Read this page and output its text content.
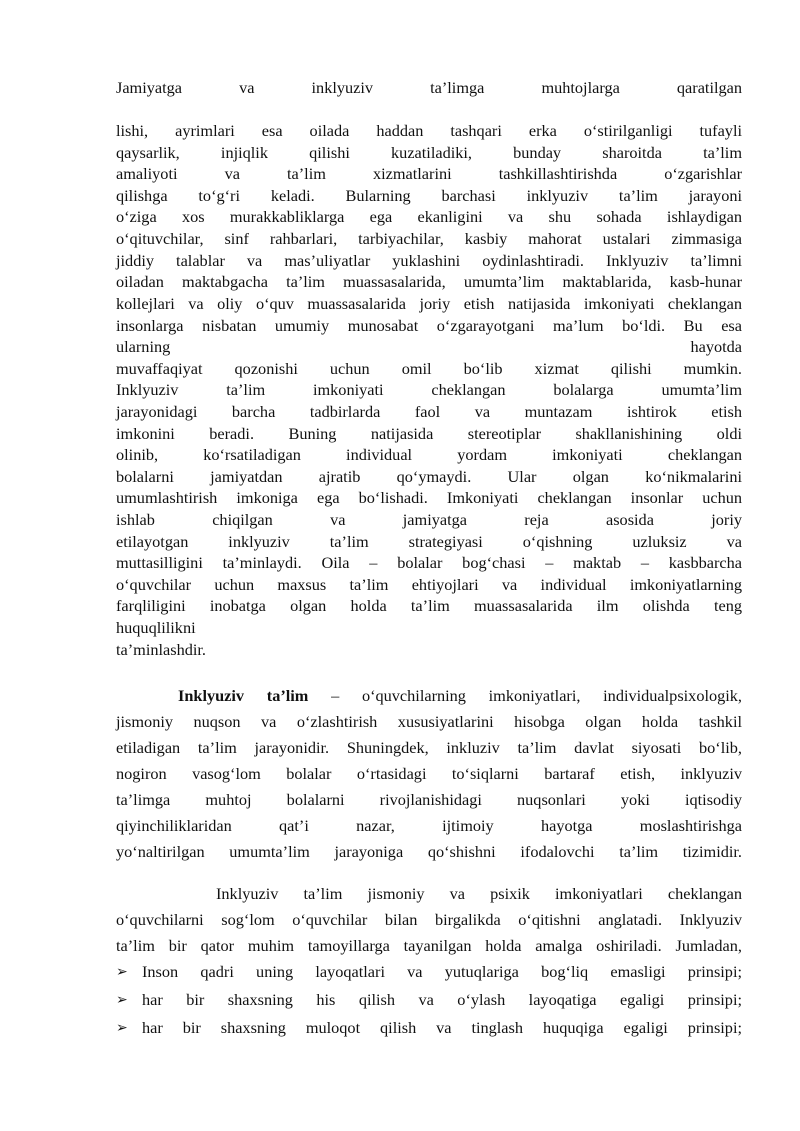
Jamiyatga va inklyuziv ta’limga muhtojlarga qaratilgan
lishi, ayrimlari esa oilada haddan tashqari erka o‘stirilganligi tufayli
qaysarlik, injiqlik qilishi kuzatiladiki, bunday sharoitda ta’lim
amaliyoti va ta’lim xizmatlarini tashkillashtirishda o‘zgarishlar
qilishga to‘g‘ri keladi. Bularning barchasi inklyuziv ta’lim jarayoni
o‘ziga xos murakkabliklarga ega ekanligini va shu sohada ishlaydigan
o‘qituvchilar, sinf rahbarlari, tarbiyachilar, kasbiy mahorat ustalari zimmasiga
jiddiy talablar va mas’uliyatlar yuklashini oydinlashtiradi. Inklyuziv ta’limni
oiladan maktabgacha ta’lim muassasalarida, umumta’lim maktablarida, kasb-hunar
kollejlari va oliy o‘quv muassasalarida joriy etish natijasida imkoniyati cheklangan
insonlarga nisbatan umumiy munosabat o‘zgarayotgani ma’lum bo‘ldi. Bu esa
ularning hayotda
muvaffaqiyat qozonishi uchun omil bo‘lib xizmat qilishi mumkin.
Inklyuziv ta’lim imkoniyati cheklangan bolalarga umumta’lim
jarayonidagi barcha tadbirlarda faol va muntazam ishtirok etish
imkonini beradi. Buning natijasida stereotiplar shakllanishining oldi
olinib, ko‘rsatiladigan individual yordam imkoniyati cheklangan
bolalarni jamiyatdan ajratib qo‘ymaydi. Ular olgan ko‘nikmalarini
umumlashtirish imkoniga ega bo‘lishadi. Imkoniyati cheklangan insonlar uchun
ishlab chiqilgan va jamiyatga reja asosida joriy
etilayotgan inklyuziv ta’lim strategiyasi o‘qishning uzluksiz va
muttasilligini ta’minlaydi. Oila – bolalar bog‘chasi – maktab – kasbbarcha
o‘quvchilar uchun maxsus ta’lim ehtiyojlari va individual imkoniyatlarning
farqliligini inobatga olgan holda ta’lim muassasalarida ilm olishda teng
huquqlilikni
ta’minlashdir.
Inklyuziv ta’lim – o‘quvchilarning imkoniyatlari, individualpsixologik,
jismoniy nuqson va o‘zlashtirish xususiyatlarini hisobga olgan holda tashkil
etiladigan ta’lim jarayonidir. Shuningdek, inkluziv ta’lim davlat siyosati bo‘lib,
nogiron vasog‘lom bolalar o‘rtasidagi to‘siqlarni bartaraf etish, inklyuziv
ta’limga muhtoj bolalarni rivojlanishidagi nuqsonlari yoki iqtisodiy
qiyinchiliklaridan qat’i nazar, ijtimoiy hayotga moslashtirishga
yo‘naltirilgan umumta’lim jarayoniga qo‘shishni ifodalovchi ta’lim tizimidir.
Inklyuziv ta’lim jismoniy va psixik imkoniyatlari cheklangan
o‘quvchilarni sog‘lom o‘quvchilar bilan birgalikda o‘qitishni anglatadi. Inklyuziv
ta’lim bir qator muhim tamoyillarga tayanilgan holda amalga oshiriladi. Jumladan,
➢ Inson qadri uning layoqatlari va yutuqlariga bog‘liq emasligi prinsipi;
➢ har bir shaxsning his qilish va o‘ylash layoqatiga egaligi prinsipi;
➢ har bir shaxsning muloqot qilish va tinglash huquqiga egaligi prinsipi;
